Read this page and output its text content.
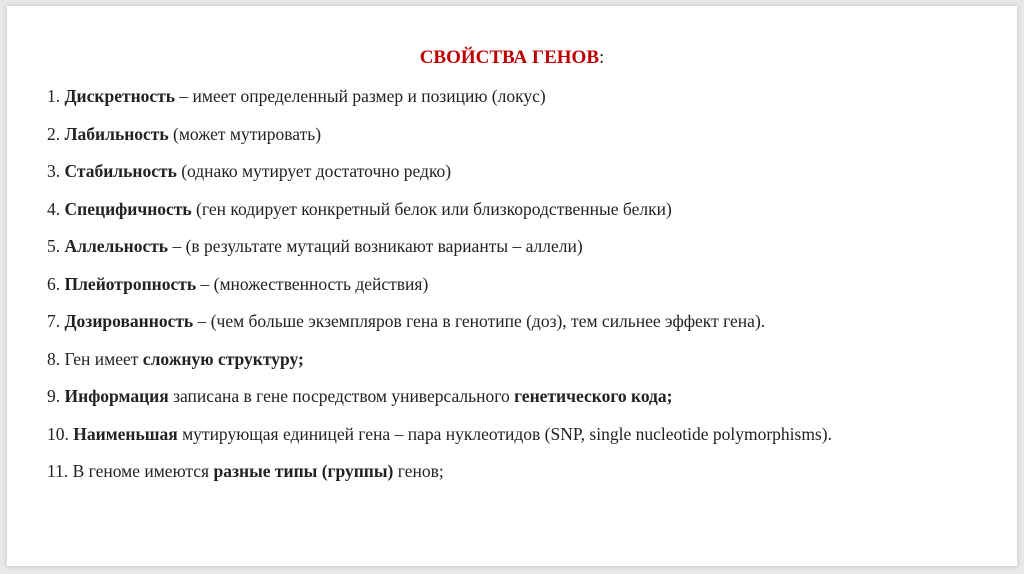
СВОЙСТВА ГЕНОВ:
1. Дискретность – имеет определенный размер и позицию (локус)
2. Лабильность (может мутировать)
3. Стабильность (однако мутирует достаточно редко)
4. Специфичность (ген кодирует конкретный белок или близкородственные белки)
5. Аллельность – (в результате мутаций возникают варианты – аллели)
6. Плейотропность – (множественность действия)
7. Дозированность – (чем больше экземпляров гена в генотипе (доз), тем сильнее эффект гена).
8. Ген имеет сложную структуру;
9. Информация записана в гене посредством универсального генетического кода;
10. Наименьшая мутирующая единицей гена – пара нуклеотидов (SNP, single nucleotide polymorphisms).
11. В геноме имеются разные типы (группы) генов;
